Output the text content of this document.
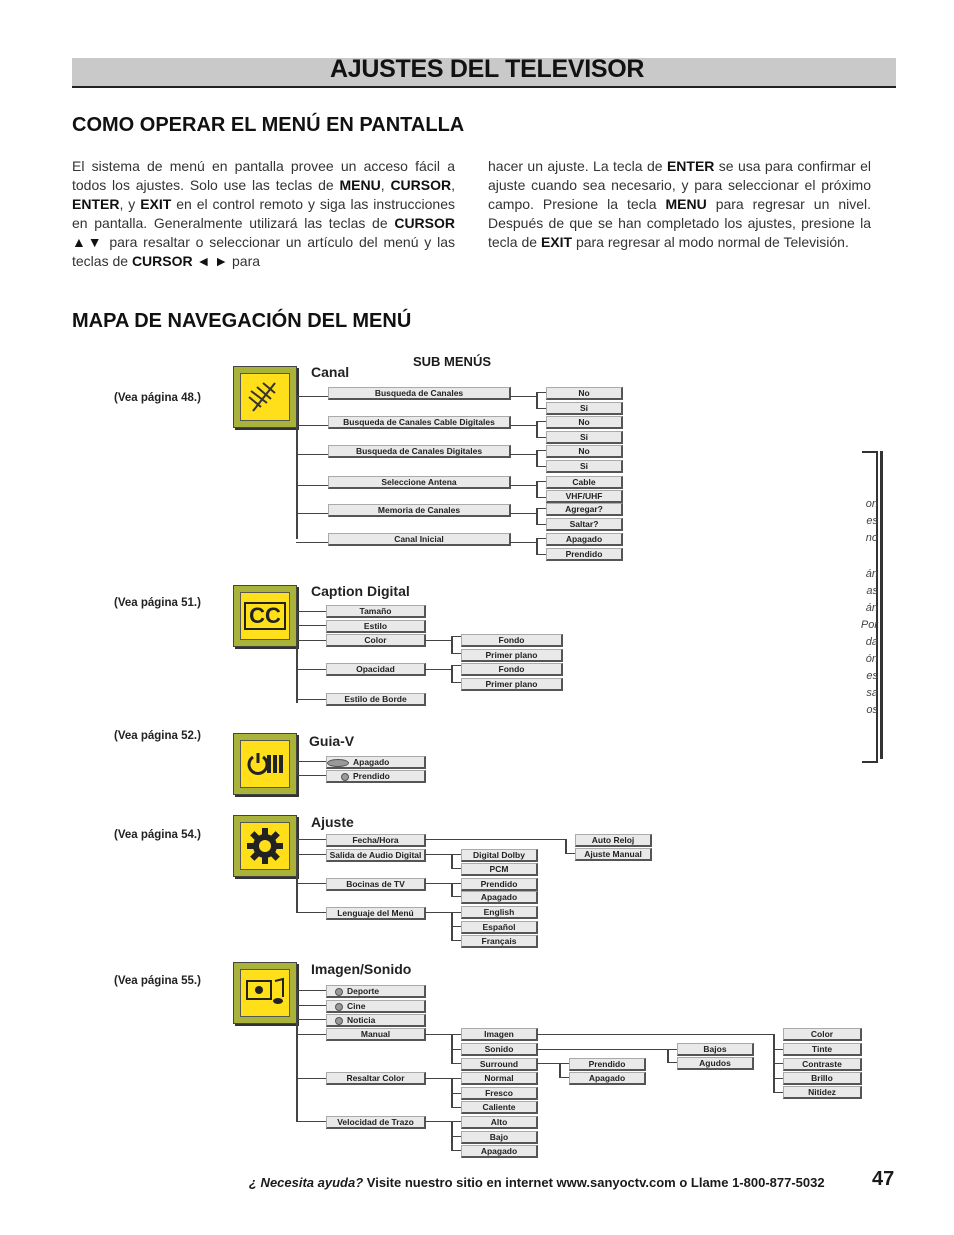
AJUSTES DEL TELEVISOR
COMO OPERAR EL MENÚ EN PANTALLA
El sistema de menú en pantalla provee un acceso fácil a todos los ajustes. Solo use las teclas de MENU, CURSOR, ENTER, y EXIT en el control remoto y siga las instrucciones en pantalla. Generalmente utilizará las teclas de CURSOR ▲▼ para resaltar o seleccionar un artículo del menú y las teclas de CURSOR ◄ ► para
hacer un ajuste. La tecla de ENTER se usa para confirmar el ajuste cuando sea necesario, y para seleccionar el próximo campo. Presione la tecla MENU para regresar un nivel. Después de que se han completado los ajustes, presione la tecla de EXIT para regresar al modo normal de Televisión.
MAPA DE NAVEGACIÓN DEL MENÚ
SUB MENÚS
on
es
no
án
as
án
Por
da
ón
es
sa
os
(Vea página 48.)
Canal
Busqueda de Canales
Busqueda de Canales Cable Digitales
Busqueda de Canales Digitales
Seleccione Antena
Memoria de Canales
Canal Inicial
No
Si
No
Si
No
Si
Cable
VHF/UHF
Agregar?
Saltar?
Apagado
Prendido
(Vea página 51.) CC
Caption Digital
Tamaño
Estilo
Color
Opacidad
Estilo de Borde
Fondo
Primer plano
Fondo
Primer plano
(Vea página 52.)	Guia-V
Apagado
Prendido
(Vea página 54.)
Ajuste
Fecha/Hora
Salida de Audio Digital
Bocinas de TV
Lenguaje del Menú
Auto Reloj
Ajuste Manual
Digital Dolby
PCM
Prendido
Apagado
English
Español
Français
(Vea página 55.)
Imagen/Sonido
Deporte
Cine
Noticia
Manual
Resaltar Color
Velocidad de Trazo
Imagen
Sonido
Surround	Prendido
Apagado
Bajos
Agudos
Color
Tinte
Contraste
Brillo
Nitidez
Normal
Fresco
Caliente
Alto
Bajo
Apagado
¿ Necesita ayuda? Visite nuestro sitio en internet www.sanyoctv.com o Llame 1-800-877-5032 47
